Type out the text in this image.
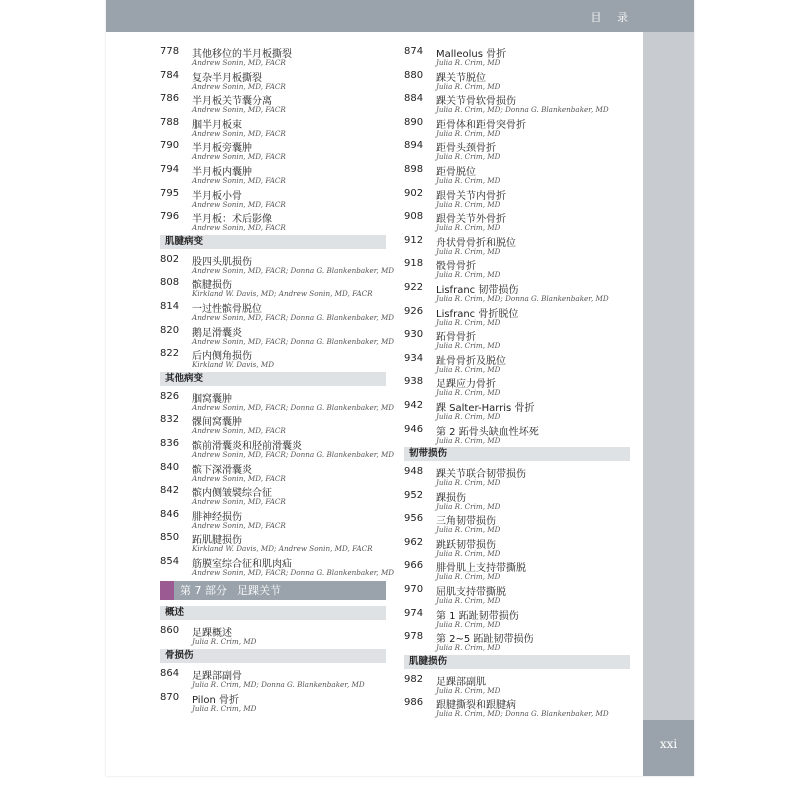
目 录
xxi
778 其他移位的半月板撕裂
Andrew Sonin, MD, FACR
784 复杂半月板撕裂
Andrew Sonin, MD, FACR
786 半月板关节囊分离
Andrew Sonin, MD, FACR
788 腘半月板束
Andrew Sonin, MD, FACR
790 半月板旁囊肿
Andrew Sonin, MD, FACR
794 半月板内囊肿
Andrew Sonin, MD, FACR
795 半月板小骨
Andrew Sonin, MD, FACR
796 半月板：术后影像
Andrew Sonin, MD, FACR
肌腱病变
802 股四头肌损伤
Andrew Sonin, MD, FACR; Donna G. Blankenbaker, MD
808 髌腱损伤
Kirkland W. Davis, MD; Andrew Sonin, MD, FACR
814 一过性髌骨脱位
Andrew Sonin, MD, FACR; Donna G. Blankenbaker, MD
820 鹅足滑囊炎
Andrew Sonin, MD, FACR; Donna G. Blankenbaker, MD
822 后内侧角损伤
Kirkland W. Davis, MD
其他病变
826 腘窝囊肿
Andrew Sonin, MD, FACR; Donna G. Blankenbaker, MD
832 髁间窝囊肿
Andrew Sonin, MD, FACR
836 髌前滑囊炎和胫前滑囊炎
Andrew Sonin, MD, FACR; Donna G. Blankenbaker, MD
840 髌下深滑囊炎
Andrew Sonin, MD, FACR
842 髌内侧皱襞综合征
Andrew Sonin, MD, FACR
846 腓神经损伤
Andrew Sonin, MD, FACR
850 跖肌腱损伤
Kirkland W. Davis, MD; Andrew Sonin, MD, FACR
854 筋膜室综合征和肌肉疝
Andrew Sonin, MD, FACR; Donna G. Blankenbaker, MD
第 7 部分 足踝关节
概述
860 足踝概述
Julia R. Crim, MD
骨损伤
864 足踝部副骨
Julia R. Crim, MD; Donna G. Blankenbaker, MD
870 Pilon 骨折
Julia R. Crim, MD
874 Malleolus 骨折
Julia R. Crim, MD
880 踝关节脱位
Julia R. Crim, MD
884 踝关节骨软骨损伤
Julia R. Crim, MD; Donna G. Blankenbaker, MD
890 距骨体和距骨突骨折
Julia R. Crim, MD
894 距骨头颈骨折
Julia R. Crim, MD
898 距骨脱位
Julia R. Crim, MD
902 跟骨关节内骨折
Julia R. Crim, MD
908 跟骨关节外骨折
Julia R. Crim, MD
912 舟状骨骨折和脱位
Julia R. Crim, MD
918 骰骨骨折
Julia R. Crim, MD
922 Lisfranc 韧带损伤
Julia R. Crim, MD; Donna G. Blankenbaker, MD
926 Lisfranc 骨折脱位
Julia R. Crim, MD
930 跖骨骨折
Julia R. Crim, MD
934 趾骨骨折及脱位
Julia R. Crim, MD
938 足踝应力骨折
Julia R. Crim, MD
942 踝 Salter-Harris 骨折
Julia R. Crim, MD
946 第 2 跖骨头缺血性坏死
Julia R. Crim, MD
韧带损伤
948 踝关节联合韧带损伤
Julia R. Crim, MD
952 踝损伤
Julia R. Crim, MD
956 三角韧带损伤
Julia R. Crim, MD
962 跳跃韧带损伤
Julia R. Crim, MD
966 腓骨肌上支持带撕脱
Julia R. Crim, MD
970 屈肌支持带撕脱
Julia R. Crim, MD
974 第 1 跖趾韧带损伤
Julia R. Crim, MD
978 第 2~5 跖趾韧带损伤
Julia R. Crim, MD
肌腱损伤
982 足踝部副肌
Julia R. Crim, MD
986 跟腱撕裂和跟腱病
Julia R. Crim, MD; Donna G. Blankenbaker, MD
